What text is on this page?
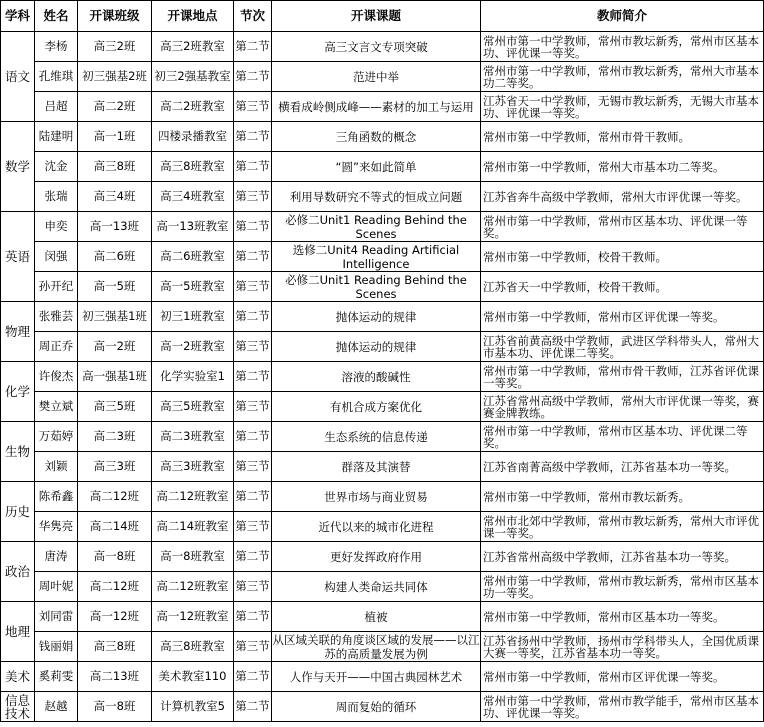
学科	姓名	开课班级	开课地点	节次	开课课题	教师简介
语文	李杨	高三2班	高三2班教室	第二节	高三文言文专项突破	常州市第一中学教师，常州市教坛新秀，常州市区基本功、评优课一等奖。
	孔维琪	初三强基2班	初三2强基教室	第二节	范进中举	常州市第一中学教师，常州市教坛新秀，常州大市基本功二等奖。
	吕超	高二2班	高二2班教室	第三节	横看成岭侧成峰——素材的加工与运用	江苏省天一中学教师，无锡市教坛新秀，无锡大市基本功、评优课一等奖。
数学	陆建明	高一1班	四楼录播教室	第二节	三角函数的概念	常州市第一中学教师，常州市骨干教师。
	沈金	高三8班	高三8班教室	第二节	“圆”来如此简单	常州市第一中学教师，常州大市基本功二等奖。
	张瑞	高三4班	高三4班教室	第三节	利用导数研究不等式的恒成立问题	江苏省奔牛高级中学教师，常州大市评优课一等奖。
英语	申奕	高一13班	高一13班教室	第二节	必修二Unit1 Reading Behind the Scenes	常州市第一中学教师，常州市区基本功、评优课一等奖。
	闵强	高二6班	高二6班教室	第二节	选修二Unit4 Reading Artificial Intelligence	常州市第一中学教师，校骨干教师。
	孙开纪	高一5班	高一5班教室	第三节	必修二Unit1 Reading Behind the Scenes	江苏省天一中学教师，校骨干教师。
物理	张雅芸	初三强基1班	初三1班教室	第二节	抛体运动的规律	常州市第一中学教师，常州市区评优课一等奖。
	周正乔	高一2班	高一2班教室	第三节	抛体运动的规律	江苏省前黄高级中学教师，武进区学科带头人，常州大市基本功、评优课二等奖。
化学	许俊杰	高一强基1班	化学实验室1	第二节	溶液的酸碱性	常州市第一中学教师，常州市骨干教师，江苏省评优课一等奖。
	樊立斌	高三5班	高三5班教室	第三节	有机合成方案优化	江苏省常州高级中学教师，常州大市评优课一等奖，赛赛金牌教练。
生物	万茹婷	高二3班	高二3班教室	第二节	生态系统的信息传递	常州市第一中学教师，常州市区基本功、评优课二等奖。
	刘颖	高三3班	高三3班教室	第三节	群落及其演替	江苏省南菁高级中学教师，江苏省基本功一等奖。
历史	陈希鑫	高二12班	高二12班教室	第二节	世界市场与商业贸易	常州市第一中学教师，常州市教坛新秀。
	华隽亮	高二14班	高二14班教室	第三节	近代以来的城市化进程	常州市北郊中学教师，常州市教坛新秀，常州大市评优课一等奖。
政治	唐涛	高一8班	高一8班教室	第二节	更好发挥政府作用	江苏省常州高级中学教师，江苏省基本功一等奖。
	周叶妮	高二12班	高二12班教室	第三节	构建人类命运共同体	常州市第一中学教师，常州市教坛新秀，常州市区基本功一等奖。
地理	刘同雷	高一12班	高一12班教室	第二节	植被	常州市第一中学教师，常州市区基本功一等奖。
	钱丽娟	高三8班	高三8班教室	第三节	从区域关联的角度谈区域的发展——以江苏的高质量发展为例	江苏省扬州中学教师，扬州市学科带头人，全国优质课大赛一等奖，江苏省基本功一等奖。
美术	奚莉雯	高二13班	美术教室110	第二节	人作与天开——中国古典园林艺术	常州市第一中学教师，常州市区评优课一等奖。
信息技术	赵越	高一8班	计算机教室5	第二节	周而复始的循环	常州市第一中学教师，常州市教学能手，常州市区基本功、评优课一等奖。
